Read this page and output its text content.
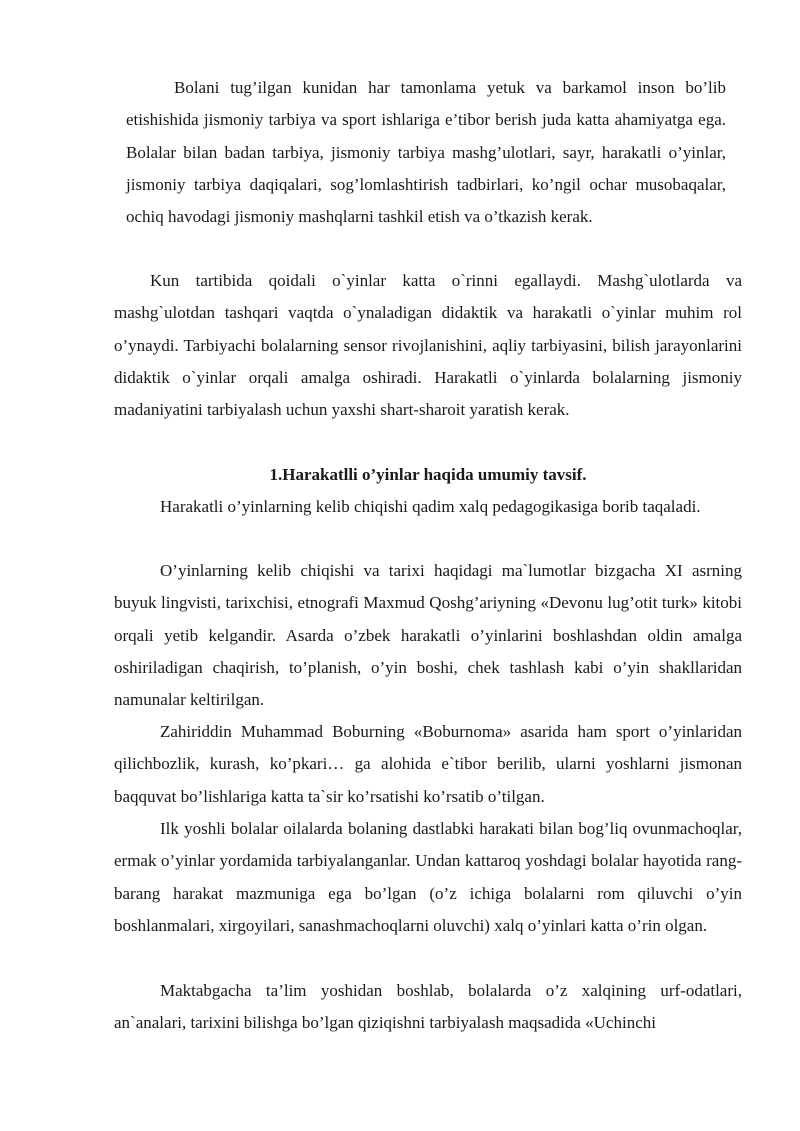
Bolani tug’ilgan kunidan har tamonlama yetuk va barkamol inson bo’lib etishishida jismoniy tarbiya va sport ishlariga e’tibor berish juda katta ahamiyatga ega. Bolalar bilan badan tarbiya, jismoniy tarbiya mashg’ulotlari, sayr, harakatli o’yinlar, jismoniy tarbiya daqiqalari, sog’lomlashtirish tadbirlari, ko’ngil ochar musobaqalar, ochiq havodagi jismoniy mashqlarni tashkil etish va o’tkazish kerak.

Kun tartibida qoidali o`yinlar katta o`rinni egallaydi. Mashg`ulotlarda va mashg`ulotdan tashqari vaqtda o`ynaladigan didaktik va harakatli o`yinlar muhim rol o’ynaydi. Tarbiyachi bolalarning sensor rivojlanishini, aqliy tarbiyasini, bilish jarayonlarini didaktik o`yinlar orqali amalga oshiradi. Harakatli o`yinlarda bolalarning jismoniy madaniyatini tarbiyalash uchun yaxshi shart-sharoit yaratish kerak.

1.Harakatlli o’yinlar haqida umumiy tavsif.

Harakatli o’yinlarning kelib chiqishi qadim xalq pedagogikasiga borib taqaladi.

O’yinlarning kelib chiqishi va tarixi haqidagi ma`lumotlar bizgacha XI asrning buyuk lingvisti, tarixchisi, etnografi Maxmud Qoshg’ariyning «Devonu lug’otit turk» kitobi orqali yetib kelgandir. Asarda o’zbek harakatli o’yinlarini boshlashdan oldin amalga oshiriladigan chaqirish, to’planish, o’yin boshi, chek tashlash kabi o’yin shakllaridan namunalar keltirilgan.

Zahiriddin Muhammad Boburning «Boburnoma» asarida ham sport o’yinlaridan qilichbozlik, kurash, ko’pkari… ga alohida e`tibor berilib, ularni yoshlarni jismonan baqquvat bo’lishlariga katta ta`sir ko’rsatishi ko’rsatib o’tilgan.

Ilk yoshli bolalar oilalarda bolaning dastlabki harakati bilan bog’liq ovunmachoqlar, ermak o’yinlar yordamida tarbiyalanganlar. Undan kattaroq yoshdagi bolalar hayotida rang-barang harakat mazmuniga ega bo’lgan (o’z ichiga bolalarni rom qiluvchi o’yin boshlanmalari, xirgoyilari, sanashmachoqlarni oluvchi) xalq o’yinlari katta o’rin olgan.

Maktabgacha ta’lim yoshidan boshlab, bolalarda o’z xalqining urf-odatlari, an`analari, tarixini bilishga bo’lgan qiziqishni tarbiyalash maqsadida «Uchinchi
